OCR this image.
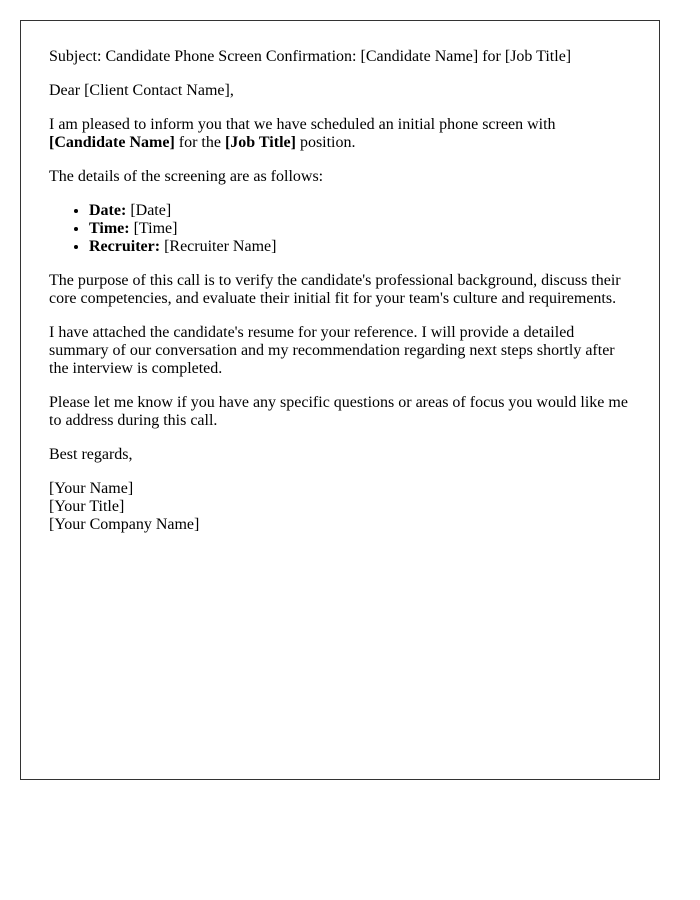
Subject: Candidate Phone Screen Confirmation: [Candidate Name] for [Job Title]

Dear [Client Contact Name],

I am pleased to inform you that we have scheduled an initial phone screen with [Candidate Name] for the [Job Title] position.

The details of the screening are as follows:

• Date: [Date]
• Time: [Time]
• Recruiter: [Recruiter Name]

The purpose of this call is to verify the candidate's professional background, discuss their core competencies, and evaluate their initial fit for your team's culture and requirements.

I have attached the candidate's resume for your reference. I will provide a detailed summary of our conversation and my recommendation regarding next steps shortly after the interview is completed.

Please let me know if you have any specific questions or areas of focus you would like me to address during this call.

Best regards,

[Your Name]
[Your Title]
[Your Company Name]
